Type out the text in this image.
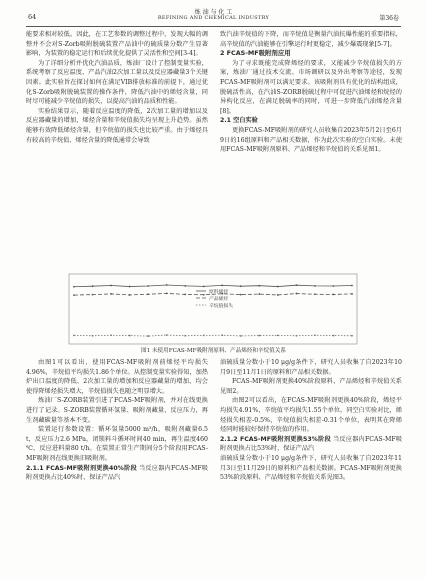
64
炼 油 与 化 工
REFINING AND CHEMICAL INDUSTRY	第36卷

能要求相对较低。因此，在工艺参数的调整过程中，发现大幅的调整并不会对S-Zorb吸附脱硫装置产品油中的硫质量分数产生显著影响，为装置的稳定运行和后续优化提供了灵活性和空间[3-4]。

为了详细分析并优化汽油品质，炼油厂设计了控制变量实验，系统考察了反应温度、产品汽油2次加工量以及反应器藏量3个关键因素。此实验旨在探讨如何在满足VIB排放标准的前提下，通过优化S-Zorb吸附脱硫装置的操作条件，降低汽油中的烯烃含量，同时尽可能减少辛烷值的损失，以提高汽油的品质和性能。

实验结果显示，随着反应温度的降低，2次加工量的增加以及反应器藏量的增加，烯烃含量和辛烷值损失均呈现上升趋势。虽然能够有效降低烯烃含量，但辛烷值的损失也比较严重。由于烯烃具有较高的辛烷值，烯烃含量的降低通常会导致

致汽油辛烷值的下降，而辛烷值是衡量汽油抗爆性能的重要指标，高辛烷值的汽油能够在引擎运行时更稳定，减少爆震现象[5-7]。

2 FCAS-MF吸附剂应用

为了寻求既能完成降烯烃的要求，又能减少辛烷值损失的方案，炼油厂通过技术交流、市场调研以及外出考察等途径，发现FCAS-MF吸附剂可以满足要求。该吸附剂具有优化的结构组成，脱硫活性高，在汽油S-ZORB脱硫过程中可促进汽油烯烃和烷烃的异构化反应，在满足脱硫率的同时，可进一步降低汽油烯烃含量[8]。

2.1 空白实验

更换FCAS-MF吸附剂的研究人员收集自2023年5月2日至6月9日的16组原料和产品相关数据，作为此次实验的空白实验。未使用FCAS-MF吸附剂原料、产品烯烃和辛烷值的关系见图1。

原料烯烃
产品烯烃
辛烷值损失
图1 未使用FCAS-MF吸附剂原料、产品烯烃和辛烷值关系

由图1可以看出，使用FCAS-MF吸附剂前烯烃平均损失4.96%，辛烷值平均损失1.86个单位。从控制变量实验得知，加热炉出口温度的降低、2次加工量的增加和反应器藏量的增加，均会使得降烯烃损失增大，辛烷值损失也随之明显增大。

炼油厂S-ZORB装置引进了FCAS-MF吸附剂，并对在线更换进行了记录。S-ZORB装置循环氢量、吸附剂藏量、反应压力，再生剂藏碳量等基本不变。

装置运行参数设置：循环氢量5000 m³/h，吸附剂藏量6.5 t，反应压力2.6 MPa，闭锁料斗循环时间40 min，再生温度460 ℃，反应进料量80 t/h。在装置正常生产期间分5个阶段用FCAS-MF吸附剂在线更换旧吸附剂。

2.1.1 FCAS-MF吸附剂更换40%阶段 当反应器内FCAS-MF吸附剂更换占比40%时，保证产品汽

油硫质量分数小于10 μg/g条件下，研究人员收集了自2023年10月9日至11月1日的原料和产品相关数据。

FCAS-MF吸附剂更换40%阶段原料、产品烯烃和辛烷值关系见图2。

由图2可以看出，在FCAS-MF吸附剂更换40%阶段，烯烃平均损失4.91%，辛烷值平均损失1.55个单位。同空白实验对比，烯烃损失相差-0.5%，辛烷值损失相差-0.31个单位，表明其在降烯烃同时能较好保持辛烷值的作用。

2.1.2 FCAS-MF吸附剂更换53%阶段 当反应器内FCAS-MF吸附剂更换占比53%时，保证产品汽

油硫质量分数小于10 μg/g条件下，研究人员收集了自2023年11月3日至11月29日的原料和产品相关数据。FCAS-MF吸附剂更换53%阶段原料、产品烯烃和辛烷值关系见图3。
